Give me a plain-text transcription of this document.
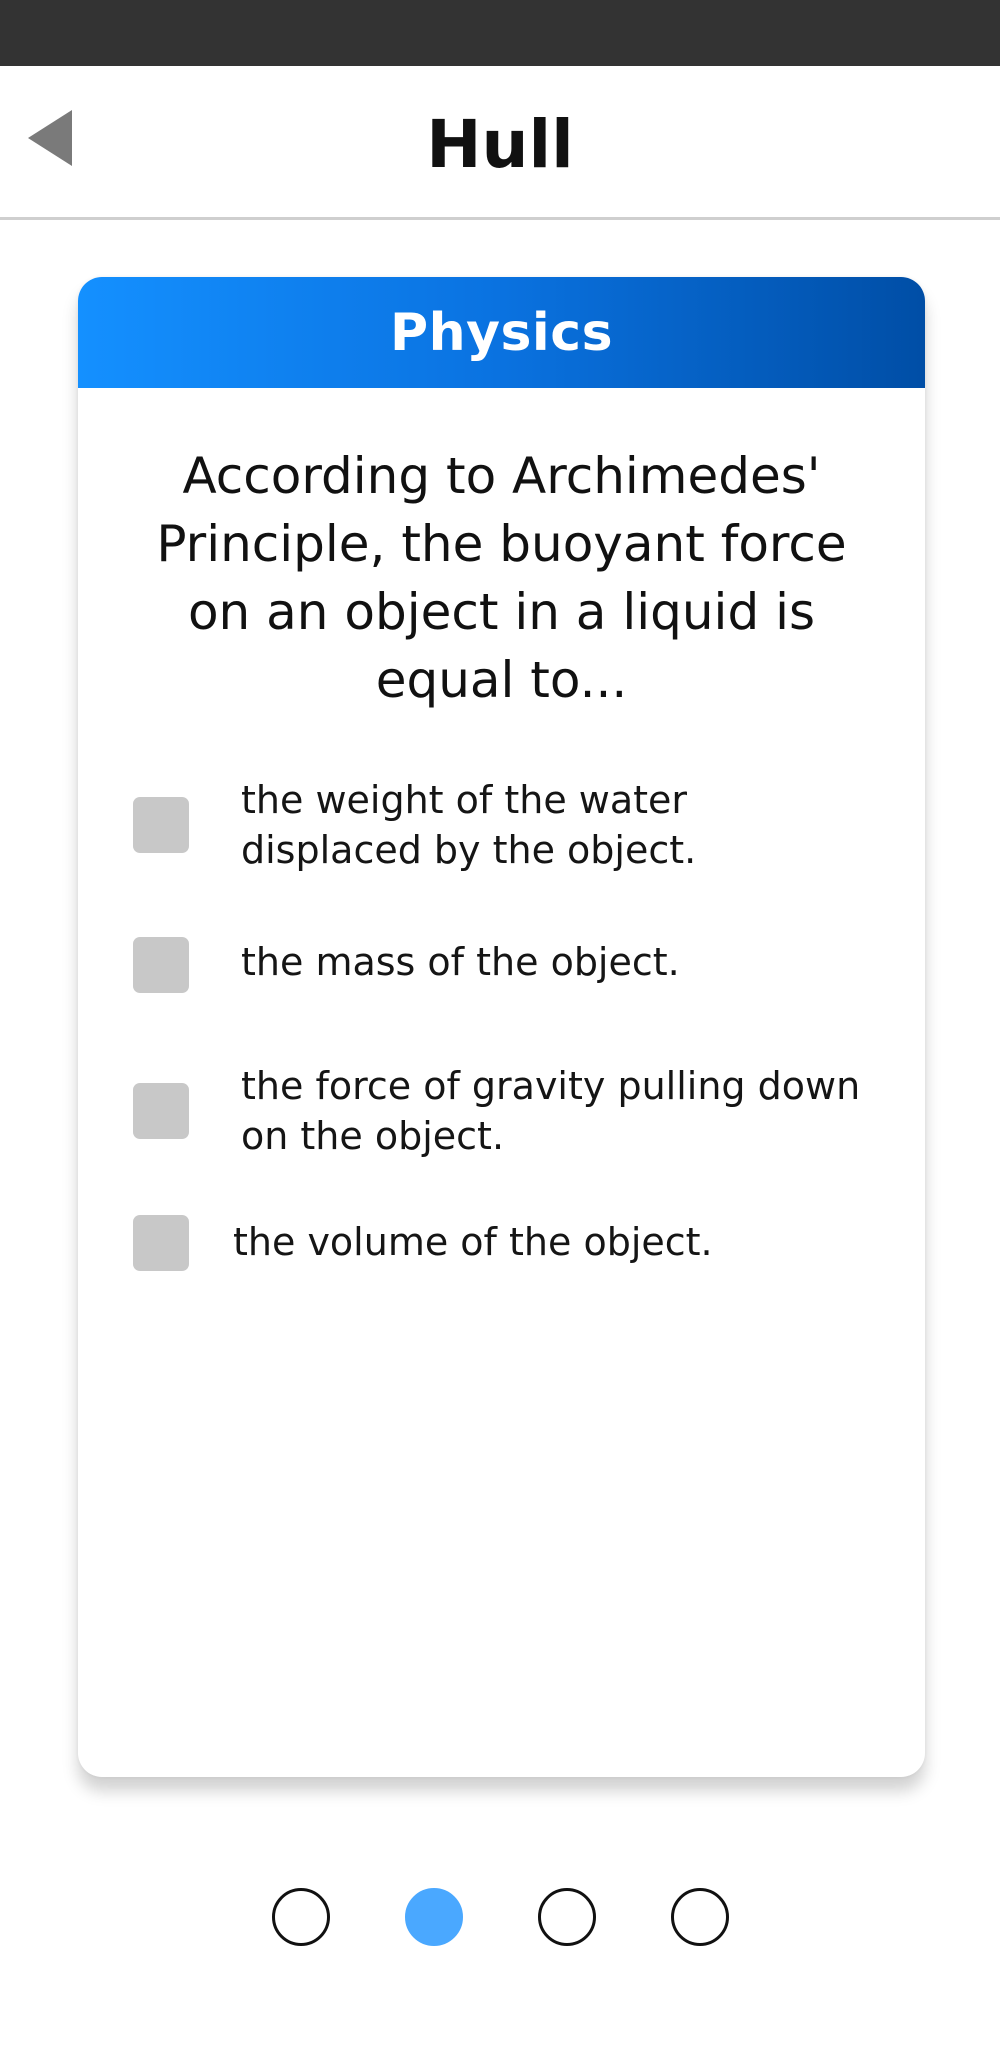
Hull
Physics
According to Archimedes' Principle, the buoyant force on an object in a liquid is equal to...
the weight of the water displaced by the object.
the mass of the object.
the force of gravity pulling down on the object.
the volume of the object.
